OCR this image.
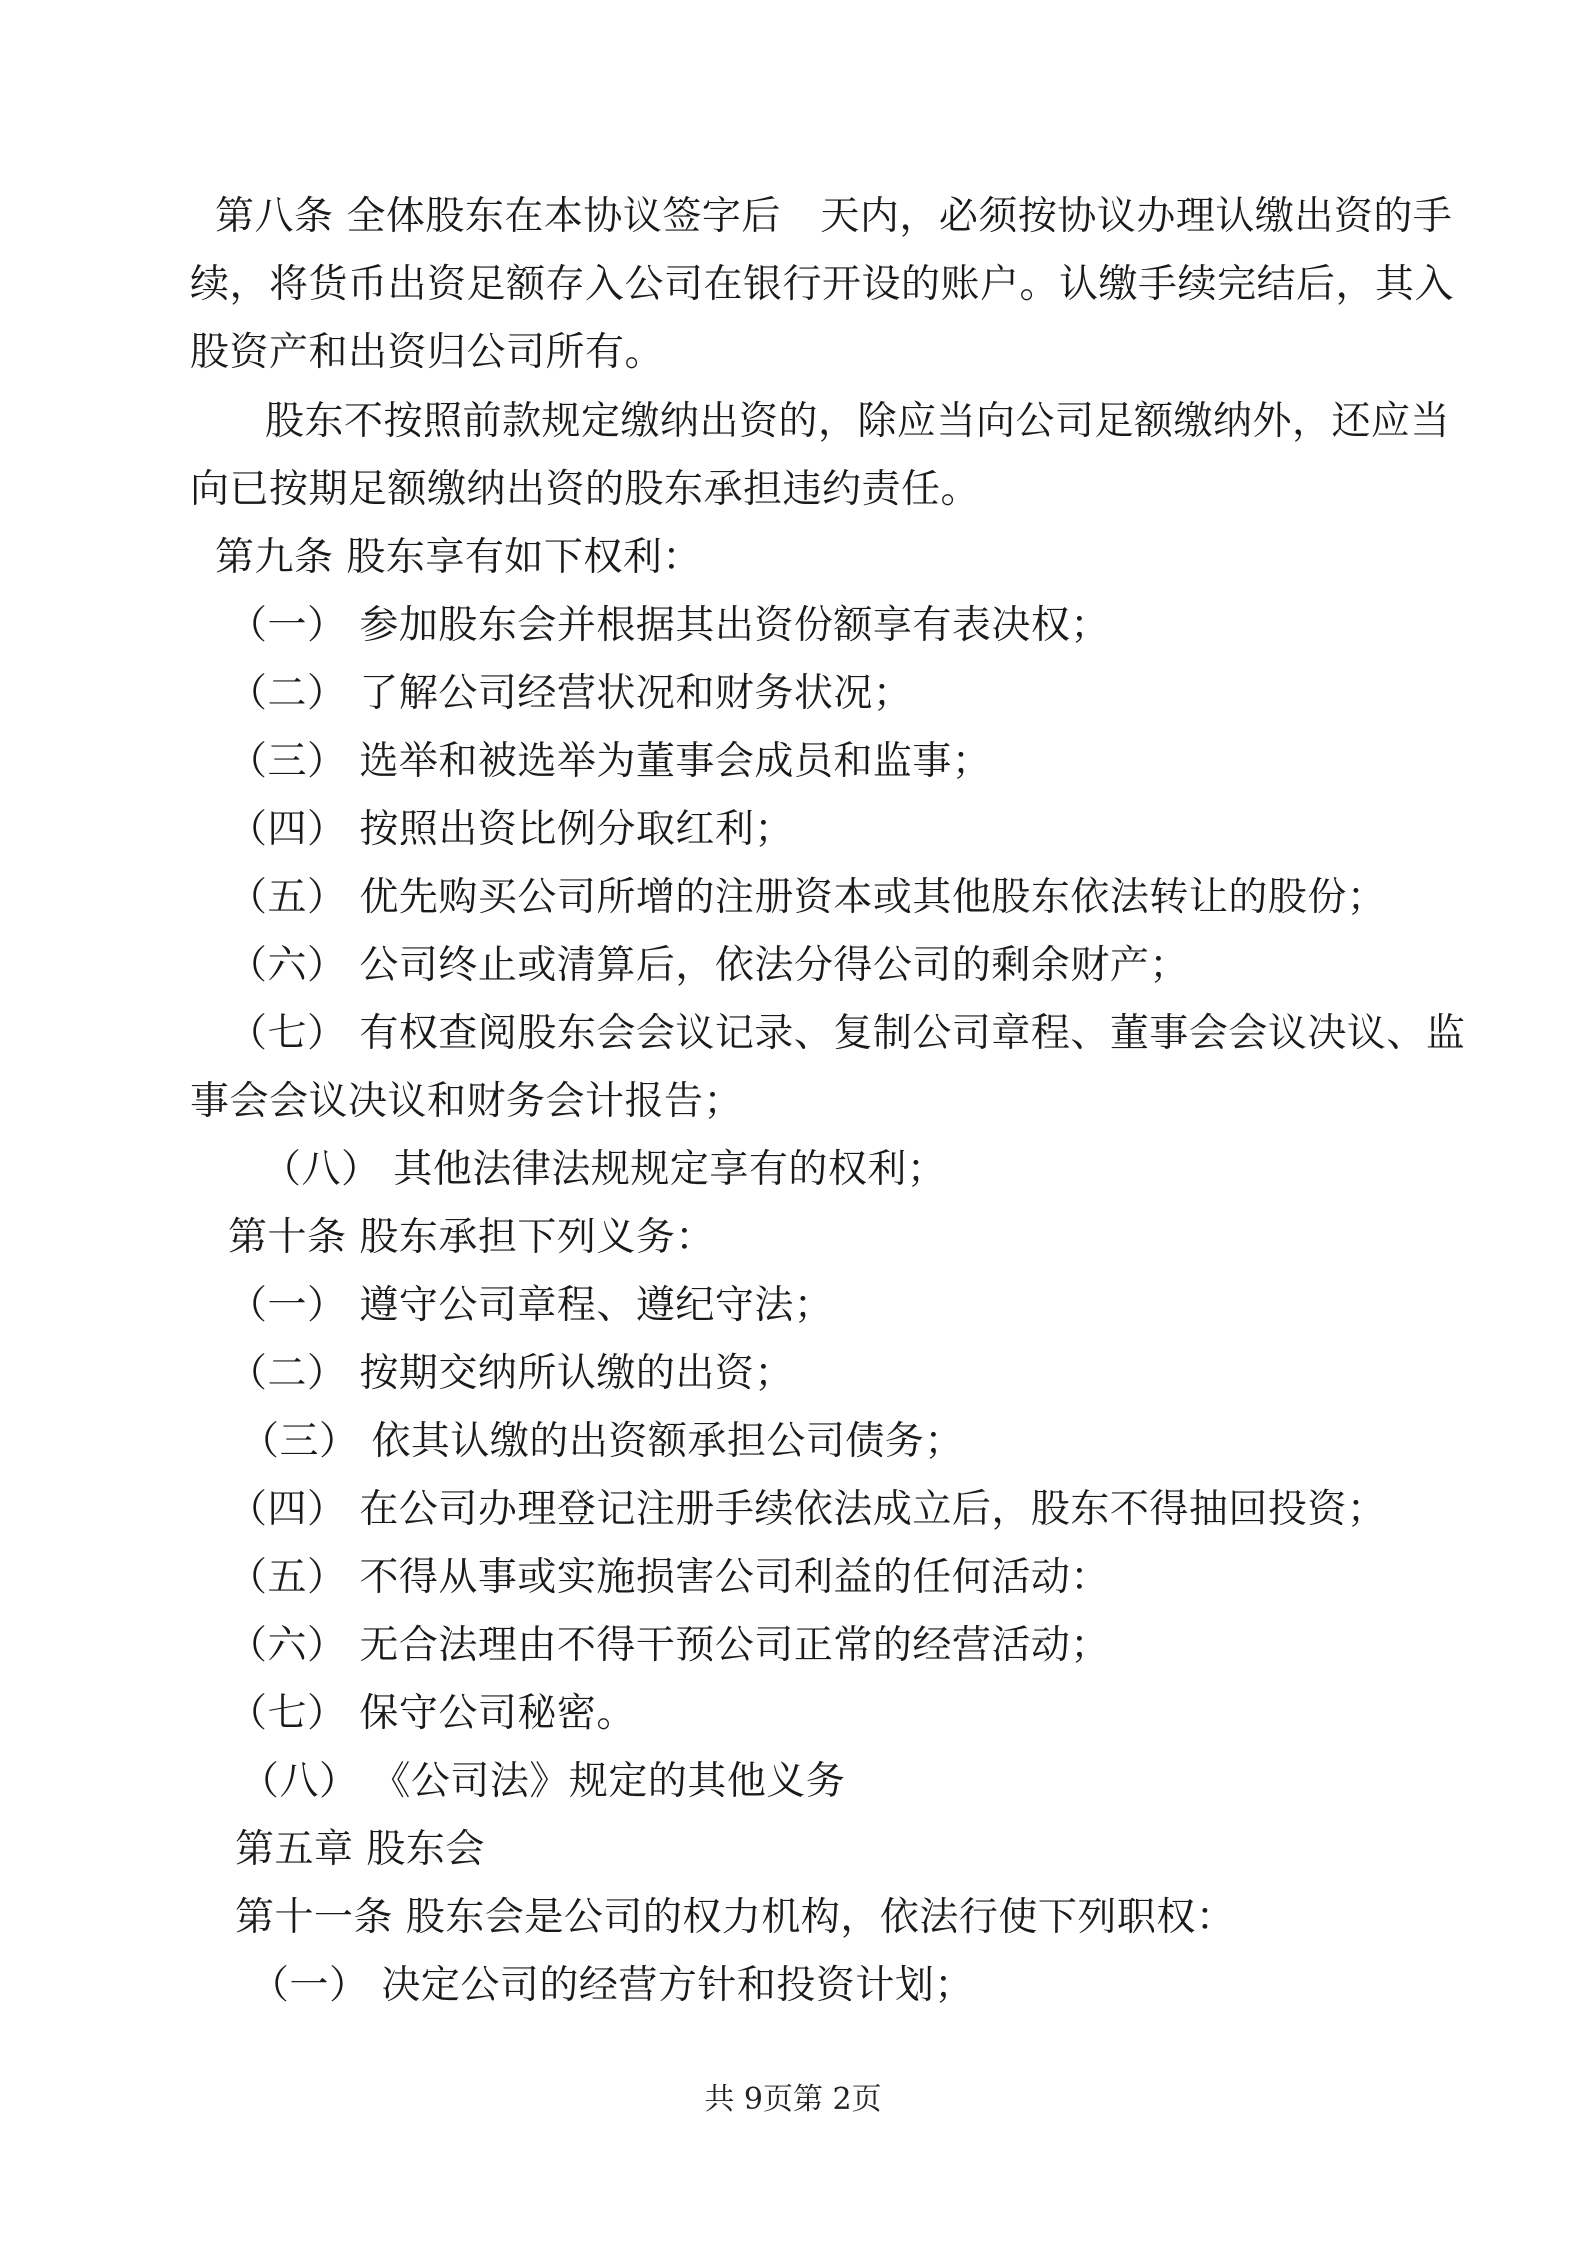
第八条 全体股东在本协议签字后　天内，必须按协议办理认缴出资的手

续，将货币出资足额存入公司在银行开设的账户。认缴手续完结后，其入

股资产和出资归公司所有。

股东不按照前款规定缴纳出资的，除应当向公司足额缴纳外，还应当

向已按期足额缴纳出资的股东承担违约责任。

第九条 股东享有如下权利：

（一） 参加股东会并根据其出资份额享有表决权；

（二） 了解公司经营状况和财务状况；

（三） 选举和被选举为董事会成员和监事；

（四） 按照出资比例分取红利；

（五） 优先购买公司所增的注册资本或其他股东依法转让的股份；

（六） 公司终止或清算后，依法分得公司的剩余财产；

（七） 有权查阅股东会会议记录、复制公司章程、董事会会议决议、监

事会会议决议和财务会计报告；

（八） 其他法律法规规定享有的权利；

第十条 股东承担下列义务：

（一） 遵守公司章程、遵纪守法；

（二） 按期交纳所认缴的出资；

（三） 依其认缴的出资额承担公司债务；

（四） 在公司办理登记注册手续依法成立后，股东不得抽回投资；

（五） 不得从事或实施损害公司利益的任何活动：

（六） 无合法理由不得干预公司正常的经营活动；

（七） 保守公司秘密。

（八） 《公司法》规定的其他义务

第五章 股东会

第十一条 股东会是公司的权力机构，依法行使下列职权：

（一） 决定公司的经营方针和投资计划；

共 9页第 2页
